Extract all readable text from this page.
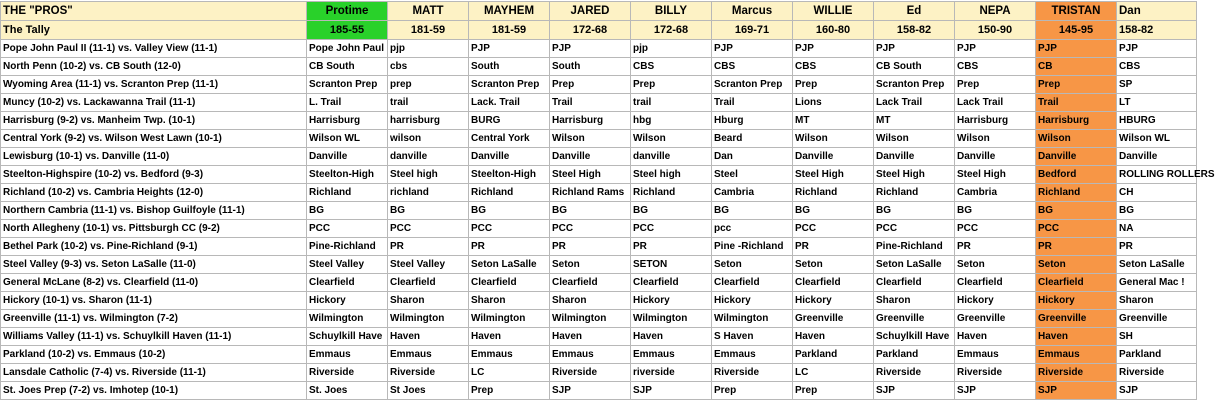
THE "PROS"	Protime	MATT	MAYHEM	JARED	BILLY	Marcus	WILLIE	Ed	NEPA	TRISTAN	Dan
The Tally	185-55	181-59	181-59	172-68	172-68	169-71	160-80	158-82	150-90	145-95	158-82
Pope John Paul II (11-1) vs. Valley View (11-1)	Pope John Paul	pjp	PJP	PJP	pjp	PJP	PJP	PJP	PJP	PJP	PJP
North Penn (10-2) vs. CB South (12-0)	CB South	cbs	South	South	CBS	CBS	CBS	CB South	CBS	CB	CBS
Wyoming Area (11-1) vs. Scranton Prep (11-1)	Scranton Prep	prep	Scranton Prep	Prep	Prep	Scranton Prep	Prep	Scranton Prep	Prep	Prep	SP
Muncy (10-2) vs. Lackawanna Trail (11-1)	L. Trail	trail	Lack. Trail	Trail	trail	Trail	Lions	Lack Trail	Lack Trail	Trail	LT
Harrisburg (9-2) vs. Manheim Twp. (10-1)	Harrisburg	harrisburg	BURG	Harrisburg	hbg	Hburg	MT	MT	Harrisburg	Harrisburg	HBURG
Central York (9-2) vs. Wilson West Lawn (10-1)	Wilson WL	wilson	Central York	Wilson	Wilson	Beard	Wilson	Wilson	Wilson	Wilson	Wilson WL
Lewisburg (10-1) vs. Danville (11-0)	Danville	danville	Danville	Danville	danville	Dan	Danville	Danville	Danville	Danville	Danville
Steelton-Highspire (10-2) vs. Bedford (9-3)	Steelton-High	Steel high	Steelton-High	Steel High	Steel high	Steel	Steel High	Steel High	Steel High	Bedford	ROLLING ROLLERS
Richland (10-2) vs. Cambria Heights (12-0)	Richland	richland	Richland	Richland Rams	Richland	Cambria	Richland	Richland	Cambria	Richland	CH
Northern Cambria (11-1) vs. Bishop Guilfoyle (11-1)	BG	BG	BG	BG	BG	BG	BG	BG	BG	BG	BG
North Allegheny (10-1) vs. Pittsburgh CC (9-2)	PCC	PCC	PCC	PCC	PCC	pcc	PCC	PCC	PCC	PCC	NA
Bethel Park (10-2) vs. Pine-Richland (9-1)	Pine-Richland	PR	PR	PR	PR	Pine -Richland	PR	Pine-Richland	PR	PR	PR
Steel Valley (9-3) vs. Seton LaSalle (11-0)	Steel Valley	Steel Valley	Seton LaSalle	Seton	SETON	Seton	Seton	Seton LaSalle	Seton	Seton	Seton LaSalle
General McLane (8-2) vs. Clearfield (11-0)	Clearfield	Clearfield	Clearfield	Clearfield	Clearfield	Clearfield	Clearfield	Clearfield	Clearfield	Clearfield	General Mac !
Hickory (10-1) vs. Sharon (11-1)	Hickory	Sharon	Sharon	Sharon	Hickory	Hickory	Hickory	Sharon	Hickory	Hickory	Sharon
Greenville (11-1) vs. Wilmington (7-2)	Wilmington	Wilmington	Wilmington	Wilmington	Wilmington	Wilmington	Greenville	Greenville	Greenville	Greenville	Greenville
Williams Valley (11-1) vs. Schuylkill Haven (11-1)	Schuylkill Have	Haven	Haven	Haven	Haven	S Haven	Haven	Schuylkill Have	Haven	Haven	SH
Parkland (10-2) vs. Emmaus (10-2)	Emmaus	Emmaus	Emmaus	Emmaus	Emmaus	Emmaus	Parkland	Parkland	Emmaus	Emmaus	Parkland
Lansdale Catholic (7-4) vs. Riverside (11-1)	Riverside	Riverside	LC	Riverside	riverside	Riverside	LC	Riverside	Riverside	Riverside	Riverside
St. Joes Prep (7-2) vs. Imhotep (10-1)	St. Joes	St Joes	Prep	SJP	SJP	Prep	Prep	SJP	SJP	SJP	SJP
